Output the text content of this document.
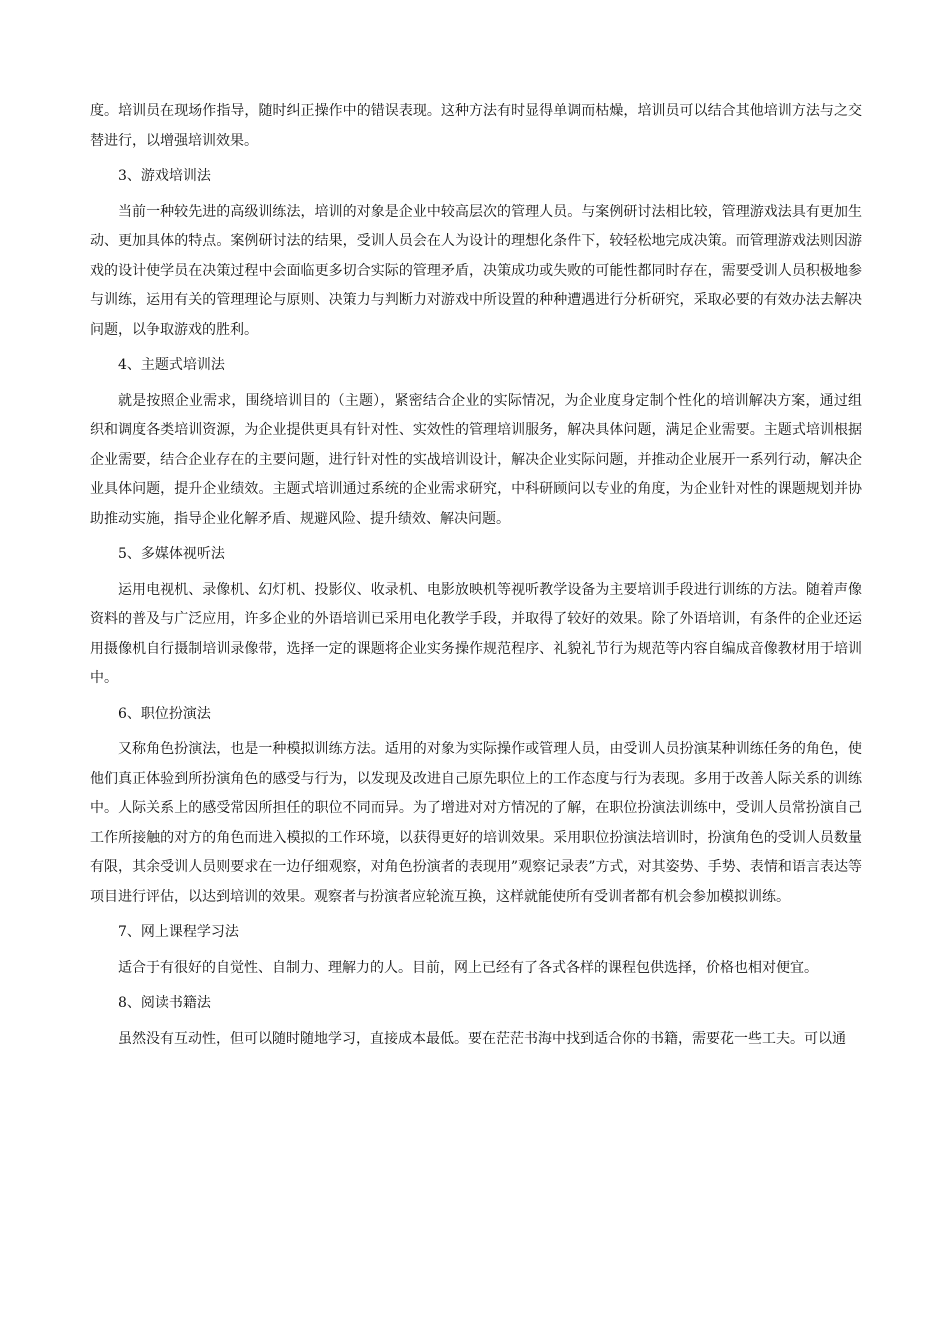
度。培训员在现场作指导，随时纠正操作中的错误表现。这种方法有时显得单调而枯燥，培训员可以结合其他培训方法与之交替进行，以增强培训效果。

3、游戏培训法

当前一种较先进的高级训练法，培训的对象是企业中较高层次的管理人员。与案例研讨法相比较，管理游戏法具有更加生动、更加具体的特点。案例研讨法的结果，受训人员会在人为设计的理想化条件下，较轻松地完成决策。而管理游戏法则因游戏的设计使学员在决策过程中会面临更多切合实际的管理矛盾，决策成功或失败的可能性都同时存在，需要受训人员积极地参与训练，运用有关的管理理论与原则、决策力与判断力对游戏中所设置的种种遭遇进行分析研究，采取必要的有效办法去解决问题，以争取游戏的胜利。

4、主题式培训法

就是按照企业需求，围绕培训目的（主题），紧密结合企业的实际情况，为企业度身定制个性化的培训解决方案，通过组织和调度各类培训资源，为企业提供更具有针对性、实效性的管理培训服务，解决具体问题，满足企业需要。主题式培训根据企业需要，结合企业存在的主要问题，进行针对性的实战培训设计，解决企业实际问题，并推动企业展开一系列行动，解决企业具体问题，提升企业绩效。主题式培训通过系统的企业需求研究，中科研顾问以专业的角度，为企业针对性的课题规划并协助推动实施，指导企业化解矛盾、规避风险、提升绩效、解决问题。

5、多媒体视听法

运用电视机、录像机、幻灯机、投影仪、收录机、电影放映机等视听教学设备为主要培训手段进行训练的方法。随着声像资料的普及与广泛应用，许多企业的外语培训已采用电化教学手段，并取得了较好的效果。除了外语培训，有条件的企业还运用摄像机自行摄制培训录像带，选择一定的课题将企业实务操作规范程序、礼貌礼节行为规范等内容自编成音像教材用于培训中。

6、职位扮演法

又称角色扮演法，也是一种模拟训练方法。适用的对象为实际操作或管理人员，由受训人员扮演某种训练任务的角色，使他们真正体验到所扮演角色的感受与行为，以发现及改进自己原先职位上的工作态度与行为表现。多用于改善人际关系的训练中。人际关系上的感受常因所担任的职位不同而异。为了增进对对方情况的了解，在职位扮演法训练中，受训人员常扮演自己工作所接触的对方的角色而进入模拟的工作环境，以获得更好的培训效果。采用职位扮演法培训时，扮演角色的受训人员数量有限，其余受训人员则要求在一边仔细观察，对角色扮演者的表现用”观察记录表”方式，对其姿势、手势、表情和语言表达等项目进行评估，以达到培训的效果。观察者与扮演者应轮流互换，这样就能使所有受训者都有机会参加模拟训练。

7、网上课程学习法

适合于有很好的自觉性、自制力、理解力的人。目前，网上已经有了各式各样的课程包供选择，价格也相对便宜。

8、阅读书籍法

虽然没有互动性，但可以随时随地学习，直接成本最低。要在茫茫书海中找到适合你的书籍，需要花一些工夫。可以通
